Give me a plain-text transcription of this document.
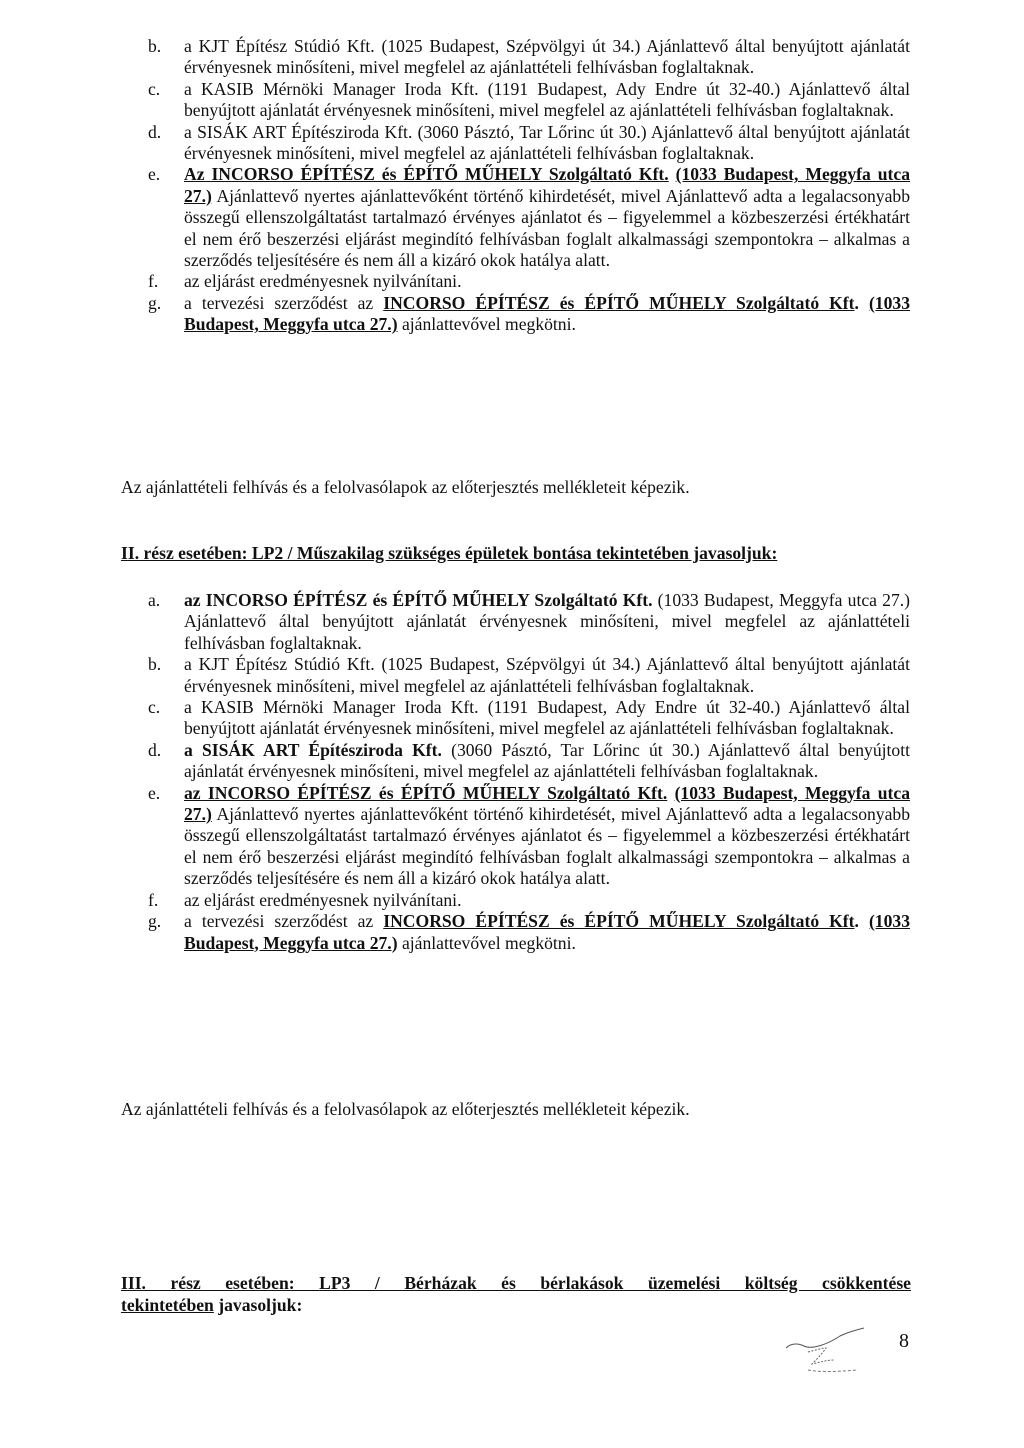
b. a KJT Építész Stúdió Kft. (1025 Budapest, Szépvölgyi út 34.) Ajánlattevő által benyújtott ajánlatát érvényesnek minősíteni, mivel megfelel az ajánlattételi felhívásban foglaltaknak.

c. a KASIB Mérnöki Manager Iroda Kft. (1191 Budapest, Ady Endre út 32-40.) Ajánlattevő által benyújtott ajánlatát érvényesnek minősíteni, mivel megfelel az ajánlattételi felhívásban foglaltaknak.

d. a SISÁK ART Építésziroda Kft. (3060 Pásztó, Tar Lőrinc út 30.) Ajánlattevő által benyújtott ajánlatát érvényesnek minősíteni, mivel megfelel az ajánlattételi felhívásban foglaltaknak.

e. Az INCORSO ÉPÍTÉSZ és ÉPÍTŐ MŰHELY Szolgáltató Kft. (1033 Budapest, Meggyfa utca 27.) Ajánlattevő nyertes ajánlattevőként történő kihirdetését, mivel Ajánlattevő adta a legalacsonyabb összegű ellenszolgáltatást tartalmazó érvényes ajánlatot és – figyelemmel a közbeszerzési értékhatárt el nem érő beszerzési eljárást megindító felhívásban foglalt alkalmassági szempontokra – alkalmas a szerződés teljesítésére és nem áll a kizáró okok hatálya alatt.

f. az eljárást eredményesnek nyilvánítani.

g. a tervezési szerződést az INCORSO ÉPÍTÉSZ és ÉPÍTŐ MŰHELY Szolgáltató Kft. (1033 Budapest, Meggyfa utca 27.) ajánlattevővel megkötni.

Az ajánlattételi felhívás és a felolvasólapok az előterjesztés mellékleteit képezik.

II. rész esetében: LP2 / Műszakilag szükséges épületek bontása tekintetében javasoljuk:

a. az INCORSO ÉPÍTÉSZ és ÉPÍTŐ MŰHELY Szolgáltató Kft. (1033 Budapest, Meggyfa utca 27.) Ajánlattevő által benyújtott ajánlatát érvényesnek minősíteni, mivel megfelel az ajánlattételi felhívásban foglaltaknak.

b. a KJT Építész Stúdió Kft. (1025 Budapest, Szépvölgyi út 34.) Ajánlattevő által benyújtott ajánlatát érvényesnek minősíteni, mivel megfelel az ajánlattételi felhívásban foglaltaknak.

c. a KASIB Mérnöki Manager Iroda Kft. (1191 Budapest, Ady Endre út 32-40.) Ajánlattevő által benyújtott ajánlatát érvényesnek minősíteni, mivel megfelel az ajánlattételi felhívásban foglaltaknak.

d. a SISÁK ART Építésziroda Kft. (3060 Pásztó, Tar Lőrinc út 30.) Ajánlattevő által benyújtott ajánlatát érvényesnek minősíteni, mivel megfelel az ajánlattételi felhívásban foglaltaknak.

e. az INCORSO ÉPÍTÉSZ és ÉPÍTŐ MŰHELY Szolgáltató Kft. (1033 Budapest, Meggyfa utca 27.) Ajánlattevő nyertes ajánlattevőként történő kihirdetését, mivel Ajánlattevő adta a legalacsonyabb összegű ellenszolgáltatást tartalmazó érvényes ajánlatot és – figyelemmel a közbeszerzési értékhatárt el nem érő beszerzési eljárást megindító felhívásban foglalt alkalmassági szempontokra – alkalmas a szerződés teljesítésére és nem áll a kizáró okok hatálya alatt.

f. az eljárást eredményesnek nyilvánítani.

g. a tervezési szerződést az INCORSO ÉPÍTÉSZ és ÉPÍTŐ MŰHELY Szolgáltató Kft. (1033 Budapest, Meggyfa utca 27.) ajánlattevővel megkötni.

Az ajánlattételi felhívás és a felolvasólapok az előterjesztés mellékleteit képezik.

III. rész esetében: LP3 / Bérházak és bérlakások üzemelési költség csökkentése

tekintetében javasoljuk:

8
